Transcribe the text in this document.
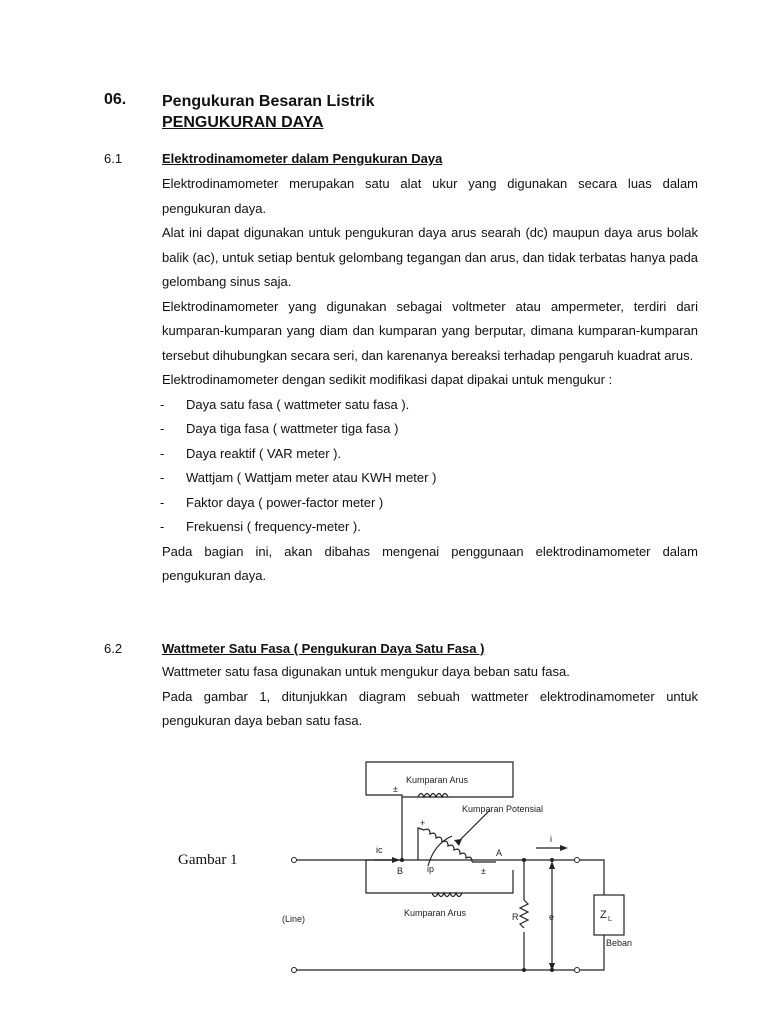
06. Pengukuran Besaran Listrik
PENGUKURAN DAYA
6.1	Elektrodinamometer dalam Pengukuran Daya

Elektrodinamometer merupakan satu alat ukur yang digunakan secara luas dalam pengukuran daya.

Alat ini dapat digunakan untuk pengukuran daya arus searah (dc) maupun daya arus bolak balik (ac), untuk setiap bentuk gelombang tegangan dan arus, dan tidak terbatas hanya pada gelombang sinus saja.

Elektrodinamometer yang digunakan sebagai voltmeter atau ampermeter, terdiri dari kumparan-kumparan yang diam dan kumparan yang berputar, dimana kumparan-kumparan tersebut dihubungkan secara seri, dan karenanya bereaksi terhadap pengaruh kuadrat arus.

Elektrodinamometer dengan sedikit modifikasi dapat dipakai untuk mengukur :

- Daya satu fasa ( wattmeter satu fasa ).
- Daya tiga fasa ( wattmeter tiga fasa )
- Daya reaktif ( VAR meter ).
- Wattjam ( Wattjam meter atau KWH meter )
- Faktor daya ( power-factor meter )
- Frekuensi ( frequency-meter ).

Pada bagian ini, akan dibahas mengenai penggunaan elektrodinamometer dalam pengukuran daya.

6.2	Wattmeter Satu Fasa ( Pengukuran Daya Satu Fasa )

Wattmeter satu fasa digunakan untuk mengukur daya beban satu fasa.

Pada gambar 1, ditunjukkan diagram sebuah wattmeter elektrodinamometer untuk pengukuran daya beban satu fasa.

Gambar 1
Kumparan Arus
Kumparan Arus
Kumparan Potensial
ic
ip
B
A
i
(Line)	R	e	Z L
Beban
±
±
+
